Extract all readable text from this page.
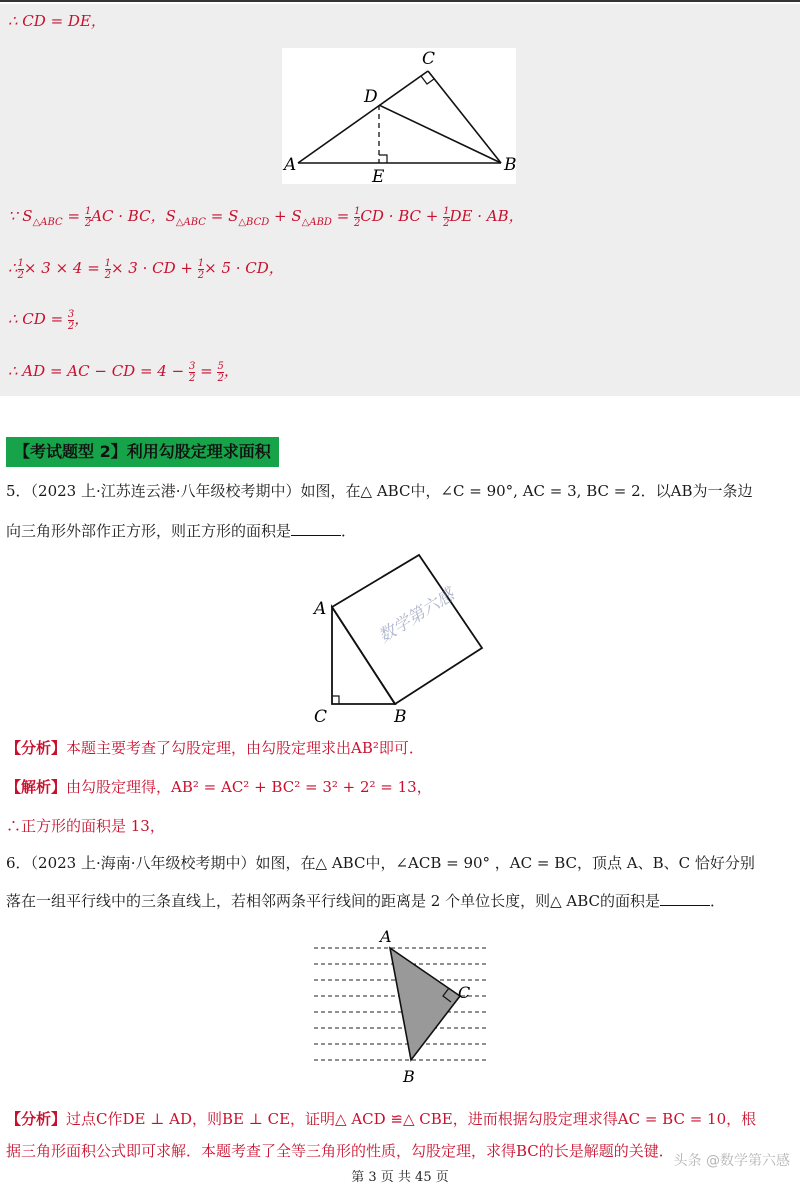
∴ CD = DE，
A	B
C
D
E
∵ $S_{\triangle ABC} = \frac{1}{2}$ AC · BC，$S_{\triangle ABC} = S_{\triangle BCD} + S_{\triangle ABD} = \frac{1}{2}$ CD · BC + $\frac{1}{2}$ DE · AB，
∴ $\frac{1}{2} \times 3 \times 4 = \frac{1}{2} \times 3$ · CD + $\frac{1}{2} \times 5$ · CD，
∴ CD = $\frac{3}{2}$ ，
∴ AD = AC − CD = $4 - \frac{3}{2} = \frac{5}{2}$ ，
【考试题型 2】利用勾股定理求面积
5．（2023 上·江苏连云港·八年级校考期中）如图，在△ ABC中，∠C = 90°, AC = 3, BC = 2．以AB为一条边
向三角形外部作正方形，则正方形的面积是	．
数学第六感
A
B
C
【分析】本题主要考查了勾股定理，由勾股定理求出AB²即可．
【解析】由勾股定理得，AB² = AC² + BC² = 3² + 2² = 13，
∴正方形的面积是 13，
6．（2023 上·海南·八年级校考期中）如图，在△ ABC中，∠ACB = 90° ，AC = BC，顶点 A、B、C 恰好分别
落在一组平行线中的三条直线上，若相邻两条平行线间的距离是 2 个单位长度，则△ ABC的面积是	．
A
B
C
【分析】过点C作DE ⊥ AD，则BE ⊥ CE，证明△ ACD ≌△ CBE，进而根据勾股定理求得AC = BC = 10，根
据三角形面积公式即可求解．本题考查了全等三角形的性质，勾股定理，求得BC的长是解题的关键．
第 3 页 共 45 页
头条 @数学第六感
